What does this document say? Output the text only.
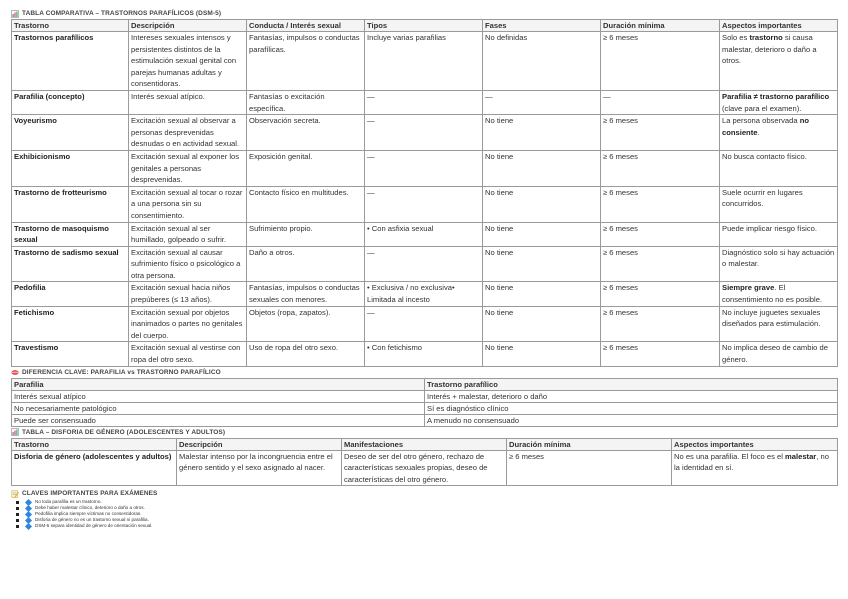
TABLA COMPARATIVA – TRASTORNOS PARAFÍLICOS (DSM-5)
Trastorno	Descripción	Conducta / Interés sexual	Tipos	Fases	Duración mínima	Aspectos importantes
Trastornos parafílicos	Intereses sexuales intensos y persistentes distintos de la estimulación sexual genital con parejas humanas adultas y consentidoras.	Fantasías, impulsos o conductas parafílicas.	Incluye varias parafilias	No definidas	≥ 6 meses	Solo es trastorno si causa malestar, deterioro o daño a otros.
Parafilia (concepto)	Interés sexual atípico.	Fantasías o excitación específica.	—	—	—	Parafilia ≠ trastorno parafílico (clave para el examen).
Voyeurismo	Excitación sexual al observar a personas desprevenidas desnudas o en actividad sexual.	Observación secreta.	—	No tiene	≥ 6 meses	La persona observada no consiente.
Exhibicionismo	Excitación sexual al exponer los genitales a personas desprevenidas.	Exposición genital.	—	No tiene	≥ 6 meses	No busca contacto físico.
Trastorno de frotteurismo	Excitación sexual al tocar o rozar a una persona sin su consentimiento.	Contacto físico en multitudes.	—	No tiene	≥ 6 meses	Suele ocurrir en lugares concurridos.
Trastorno de masoquismo sexual	Excitación sexual al ser humillado, golpeado o sufrir.	Sufrimiento propio.	• Con asfixia sexual	No tiene	≥ 6 meses	Puede implicar riesgo físico.
Trastorno de sadismo sexual	Excitación sexual al causar sufrimiento físico o psicológico a otra persona.	Daño a otros.	—	No tiene	≥ 6 meses	Diagnóstico solo si hay actuación o malestar.
Pedofilia	Excitación sexual hacia niños prepúberes (≤ 13 años).	Fantasías, impulsos o conductas sexuales con menores.	• Exclusiva / no exclusiva• Limitada al incesto	No tiene	≥ 6 meses	Siempre grave. El consentimiento no es posible.
Fetichismo	Excitación sexual por objetos inanimados o partes no genitales del cuerpo.	Objetos (ropa, zapatos).	—	No tiene	≥ 6 meses	No incluye juguetes sexuales diseñados para estimulación.
Travestismo	Excitación sexual al vestirse con ropa del otro sexo.	Uso de ropa del otro sexo.	• Con fetichismo	No tiene	≥ 6 meses	No implica deseo de cambio de género.
DIFERENCIA CLAVE: PARAFILIA vs TRASTORNO PARAFÍLICO
Parafilia	Trastorno parafílico
Interés sexual atípico	Interés + malestar, deterioro o daño
No necesariamente patológico	Sí es diagnóstico clínico
Puede ser consensuado	A menudo no consensuado
TABLA – DISFORIA DE GÉNERO (ADOLESCENTES Y ADULTOS)
Trastorno	Descripción	Manifestaciones	Duración mínima	Aspectos importantes
Disforia de género (adolescentes y adultos)	Malestar intenso por la incongruencia entre el género sentido y el sexo asignado al nacer.	Deseo de ser del otro género, rechazo de características sexuales propias, deseo de características del otro género.	≥ 6 meses	No es una parafilia. El foco es el malestar, no la identidad en sí.
CLAVES IMPORTANTES PARA EXÁMENES
No toda parafilia es un trastorno.
Debe haber malestar clínico, deterioro o daño a otros.
Pedofilia implica siempre víctimas no consentidoras.
Disforia de género no es un trastorno sexual ni parafilia.
DSM-5 separa identidad de género de orientación sexual.
